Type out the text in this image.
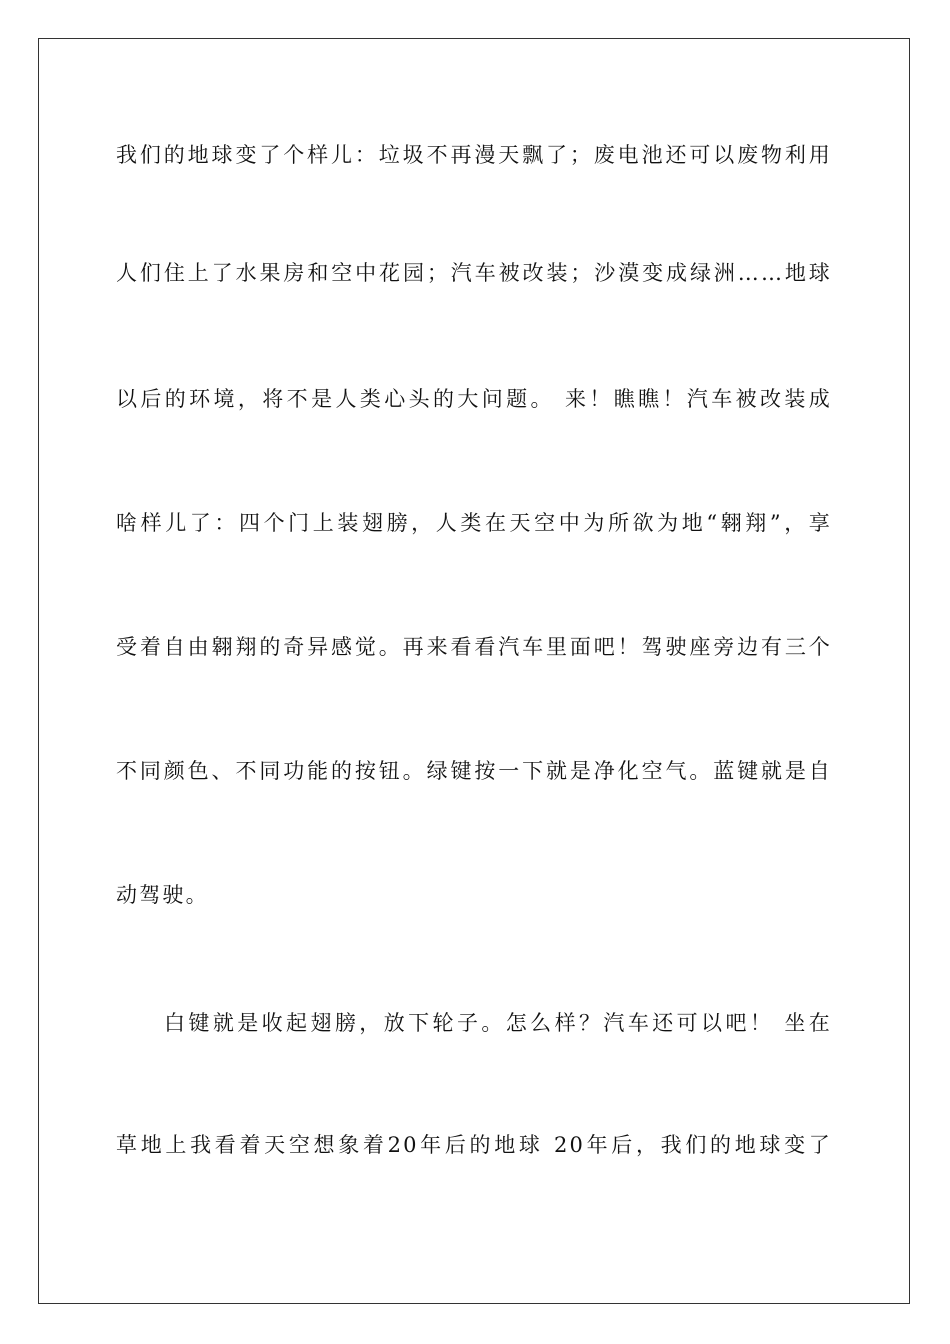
我们的地球变了个样儿：垃圾不再漫天飘了；废电池还可以废物利用
人们住上了水果房和空中花园；汽车被改装；沙漠变成绿洲……地球
以后的环境，将不是人类心头的大问题。 来！瞧瞧！汽车被改装成
啥样儿了：四个门上装翅膀，人类在天空中为所欲为地“翱翔”，享
受着自由翱翔的奇异感觉。再来看看汽车里面吧！驾驶座旁边有三个
不同颜色、不同功能的按钮。绿键按一下就是净化空气。蓝键就是自
动驾驶。
白键就是收起翅膀，放下轮子。怎么样？汽车还可以吧！ 坐在
草地上我看着天空想象着20年后的地球 20年后，我们的地球变了
